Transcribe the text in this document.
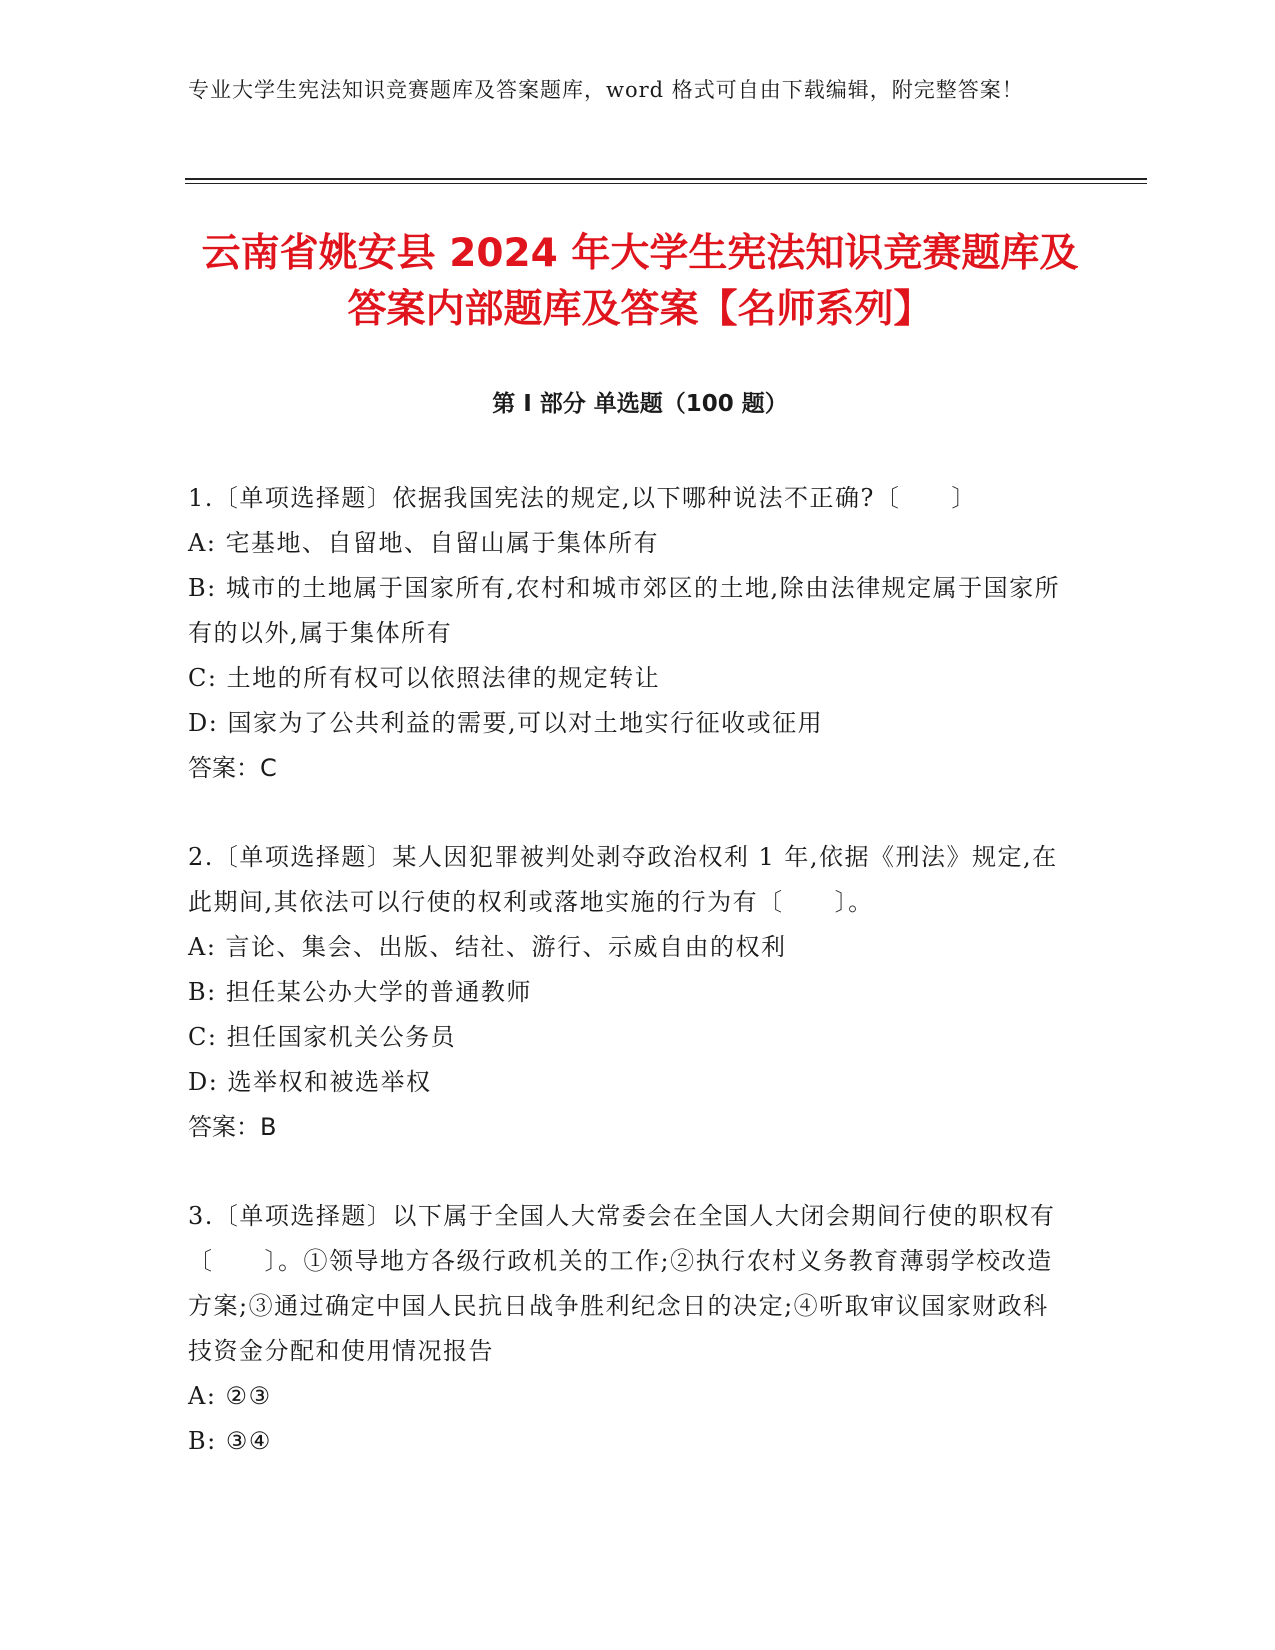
专业大学生宪法知识竞赛题库及答案题库，word 格式可自由下载编辑，附完整答案！
云南省姚安县 2024 年大学生宪法知识竞赛题库及答案内部题库及答案【名师系列】
第 I 部分 单选题（100 题）

1.〔单项选择题〕依据我国宪法的规定,以下哪种说法不正确?〔　　〕

A: 宅基地、自留地、自留山属于集体所有

B: 城市的土地属于国家所有,农村和城市郊区的土地,除由法律规定属于国家所有的以外,属于集体所有

C: 土地的所有权可以依照法律的规定转让

D: 国家为了公共利益的需要,可以对土地实行征收或征用

答案：C

2.〔单项选择题〕某人因犯罪被判处剥夺政治权利 1 年,依据《刑法》规定,在此期间,其依法可以行使的权利或落地实施的行为有〔　　〕。

A: 言论、集会、出版、结社、游行、示威自由的权利

B: 担任某公办大学的普通教师

C: 担任国家机关公务员

D: 选举权和被选举权

答案：B

3.〔单项选择题〕以下属于全国人大常委会在全国人大闭会期间行使的职权有〔　　〕。①领导地方各级行政机关的工作;②执行农村义务教育薄弱学校改造方案;③通过确定中国人民抗日战争胜利纪念日的决定;④听取审议国家财政科技资金分配和使用情况报告

A: ②③

B: ③④
